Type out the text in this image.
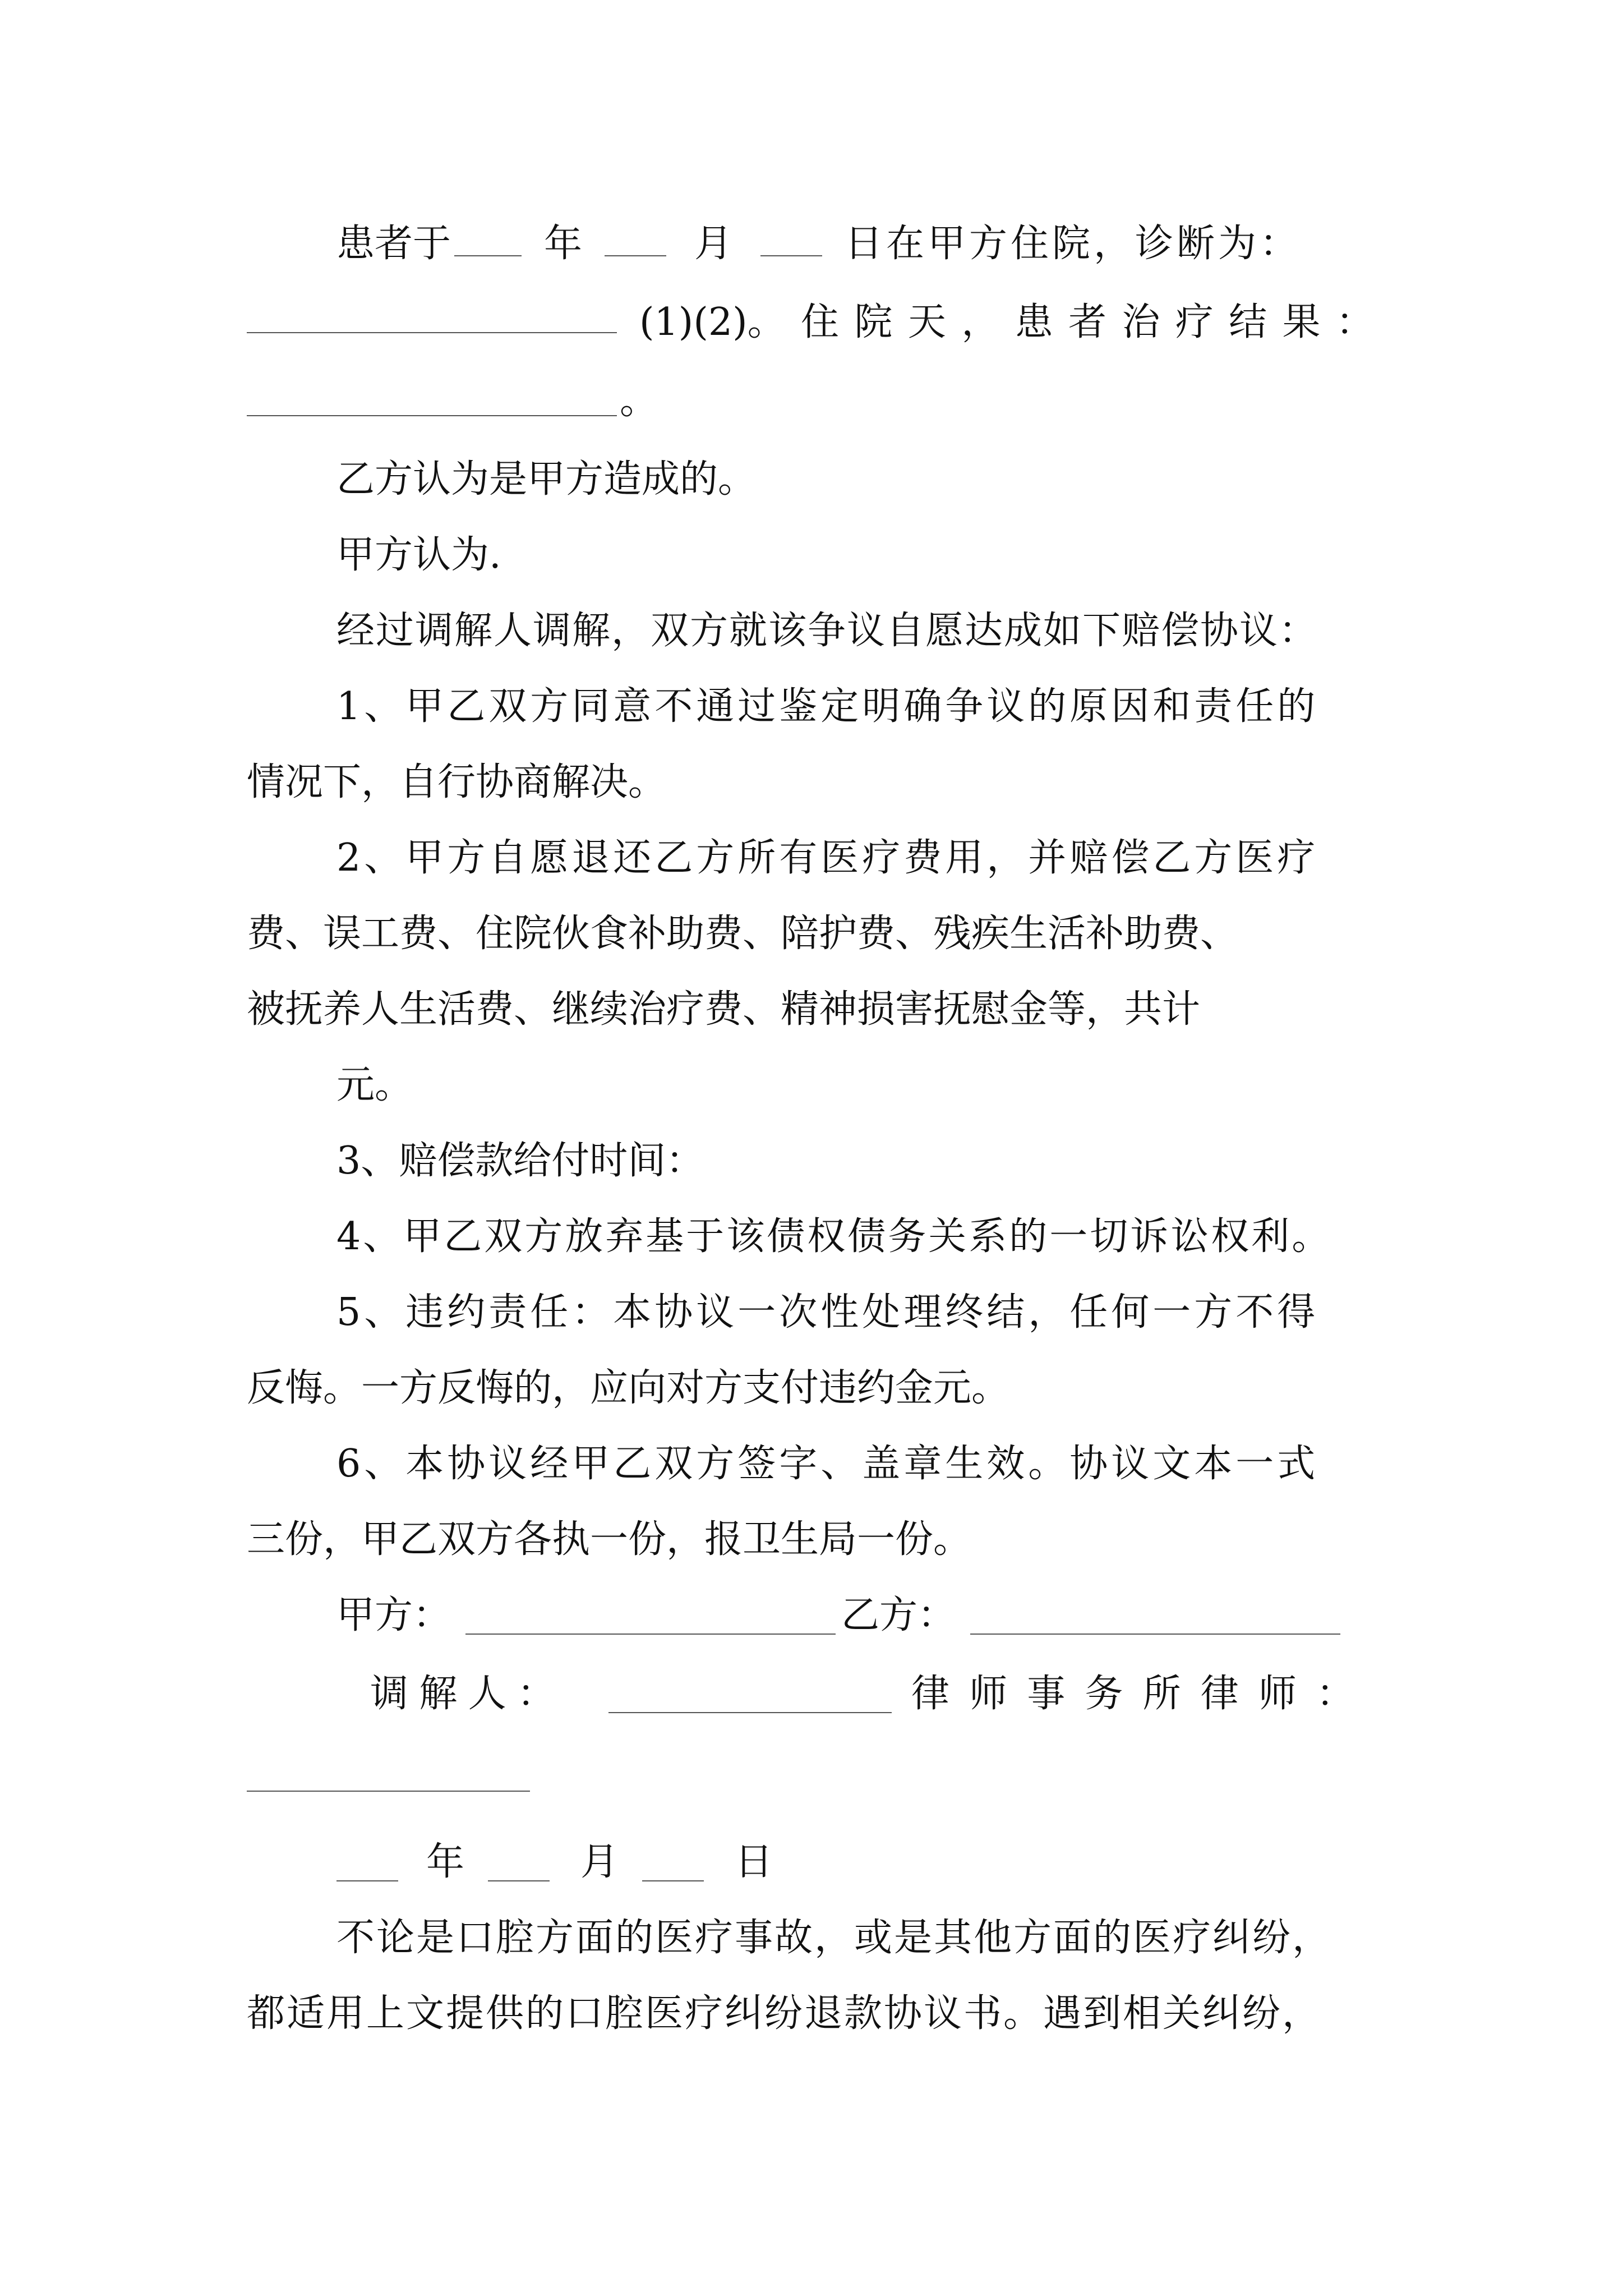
患者于 年	月	日在甲方住院，诊断为：
(1)(2)。 住 院 天 ， 患 者 治 疗 结 果 ：
。
乙方认为是甲方造成的。
甲方认为.
经过调解人调解，双方就该争议自愿达成如下赔偿协议：
1、甲乙双方同意不通过鉴定明确争议的原因和责任的
情况下，自行协商解决。
2、甲方自愿退还乙方所有医疗费用，并赔偿乙方医疗
费、误工费、住院伙食补助费、陪护费、残疾生活补助费、
被抚养人生活费、继续治疗费、精神损害抚慰金等，共计
元。
3、赔偿款给付时间：
4、甲乙双方放弃基于该债权债务关系的一切诉讼权利。
5、违约责任：本协议一次性处理终结，任何一方不得
反悔。一方反悔的，应向对方支付违约金元。
6、本协议经甲乙双方签字、盖章生效。协议文本一式
三份，甲乙双方各执一份，报卫生局一份。
甲方：	乙方：
调 解 人 ：	律 师 事 务 所 律 师 ：
年	月	日
不论是口腔方面的医疗事故，或是其他方面的医疗纠纷，
都适用上文提供的口腔医疗纠纷退款协议书。遇到相关纠纷，
